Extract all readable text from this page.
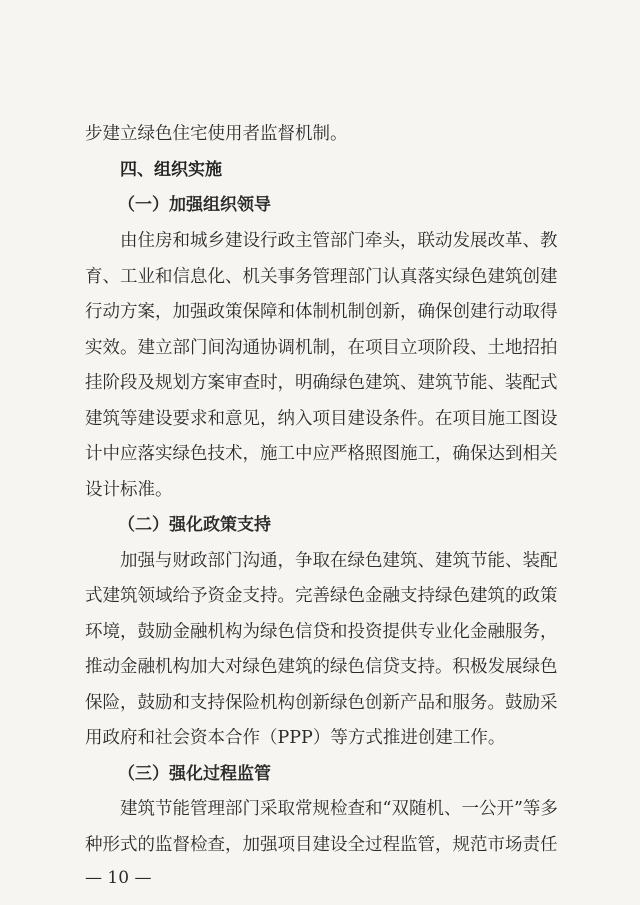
步建立绿色住宅使用者监督机制。
四、组织实施
（一）加强组织领导
由住房和城乡建设行政主管部门牵头，联动发展改革、教
育、工业和信息化、机关事务管理部门认真落实绿色建筑创建
行动方案，加强政策保障和体制机制创新，确保创建行动取得
实效。建立部门间沟通协调机制，在项目立项阶段、土地招拍
挂阶段及规划方案审查时，明确绿色建筑、建筑节能、装配式
建筑等建设要求和意见，纳入项目建设条件。在项目施工图设
计中应落实绿色技术，施工中应严格照图施工，确保达到相关
设计标准。
（二）强化政策支持
加强与财政部门沟通，争取在绿色建筑、建筑节能、装配
式建筑领域给予资金支持。完善绿色金融支持绿色建筑的政策
环境，鼓励金融机构为绿色信贷和投资提供专业化金融服务，
推动金融机构加大对绿色建筑的绿色信贷支持。积极发展绿色
保险，鼓励和支持保险机构创新绿色创新产品和服务。鼓励采
用政府和社会资本合作（PPP）等方式推进创建工作。
（三）强化过程监管
建筑节能管理部门采取常规检查和“双随机、一公开”等多
种形式的监督检查，加强项目建设全过程监管，规范市场责任
— 10 —
